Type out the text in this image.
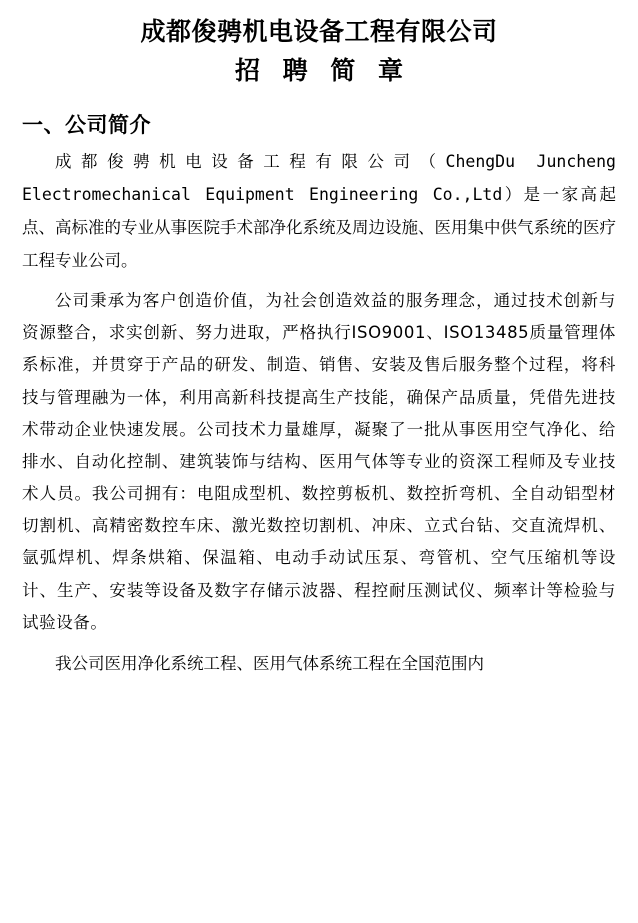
成都俊骋机电设备工程有限公司
招 聘 简 章
一、公司简介

成都俊骋机电设备工程有限公司（ChengDu Juncheng Electromechanical Equipment Engineering Co.,Ltd）是一家高起点、高标准的专业从事医院手术部净化系统及周边设施、医用集中供气系统的医疗工程专业公司。

公司秉承为客户创造价值，为社会创造效益的服务理念，通过技术创新与资源整合，求实创新、努力进取，严格执行ISO9001、ISO13485质量管理体系标准，并贯穿于产品的研发、制造、销售、安装及售后服务整个过程，将科技与管理融为一体，利用高新科技提高生产技能，确保产品质量，凭借先进技术带动企业快速发展。公司技术力量雄厚，凝聚了一批从事医用空气净化、给排水、自动化控制、建筑装饰与结构、医用气体等专业的资深工程师及专业技术人员。我公司拥有：电阻成型机、数控剪板机、数控折弯机、全自动铝型材切割机、高精密数控车床、激光数控切割机、冲床、立式台钻、交直流焊机、氩弧焊机、焊条烘箱、保温箱、电动手动试压泵、弯管机、空气压缩机等设计、生产、安装等设备及数字存储示波器、程控耐压测试仪、频率计等检验与试验设备。

我公司医用净化系统工程、医用气体系统工程在全国范围内
